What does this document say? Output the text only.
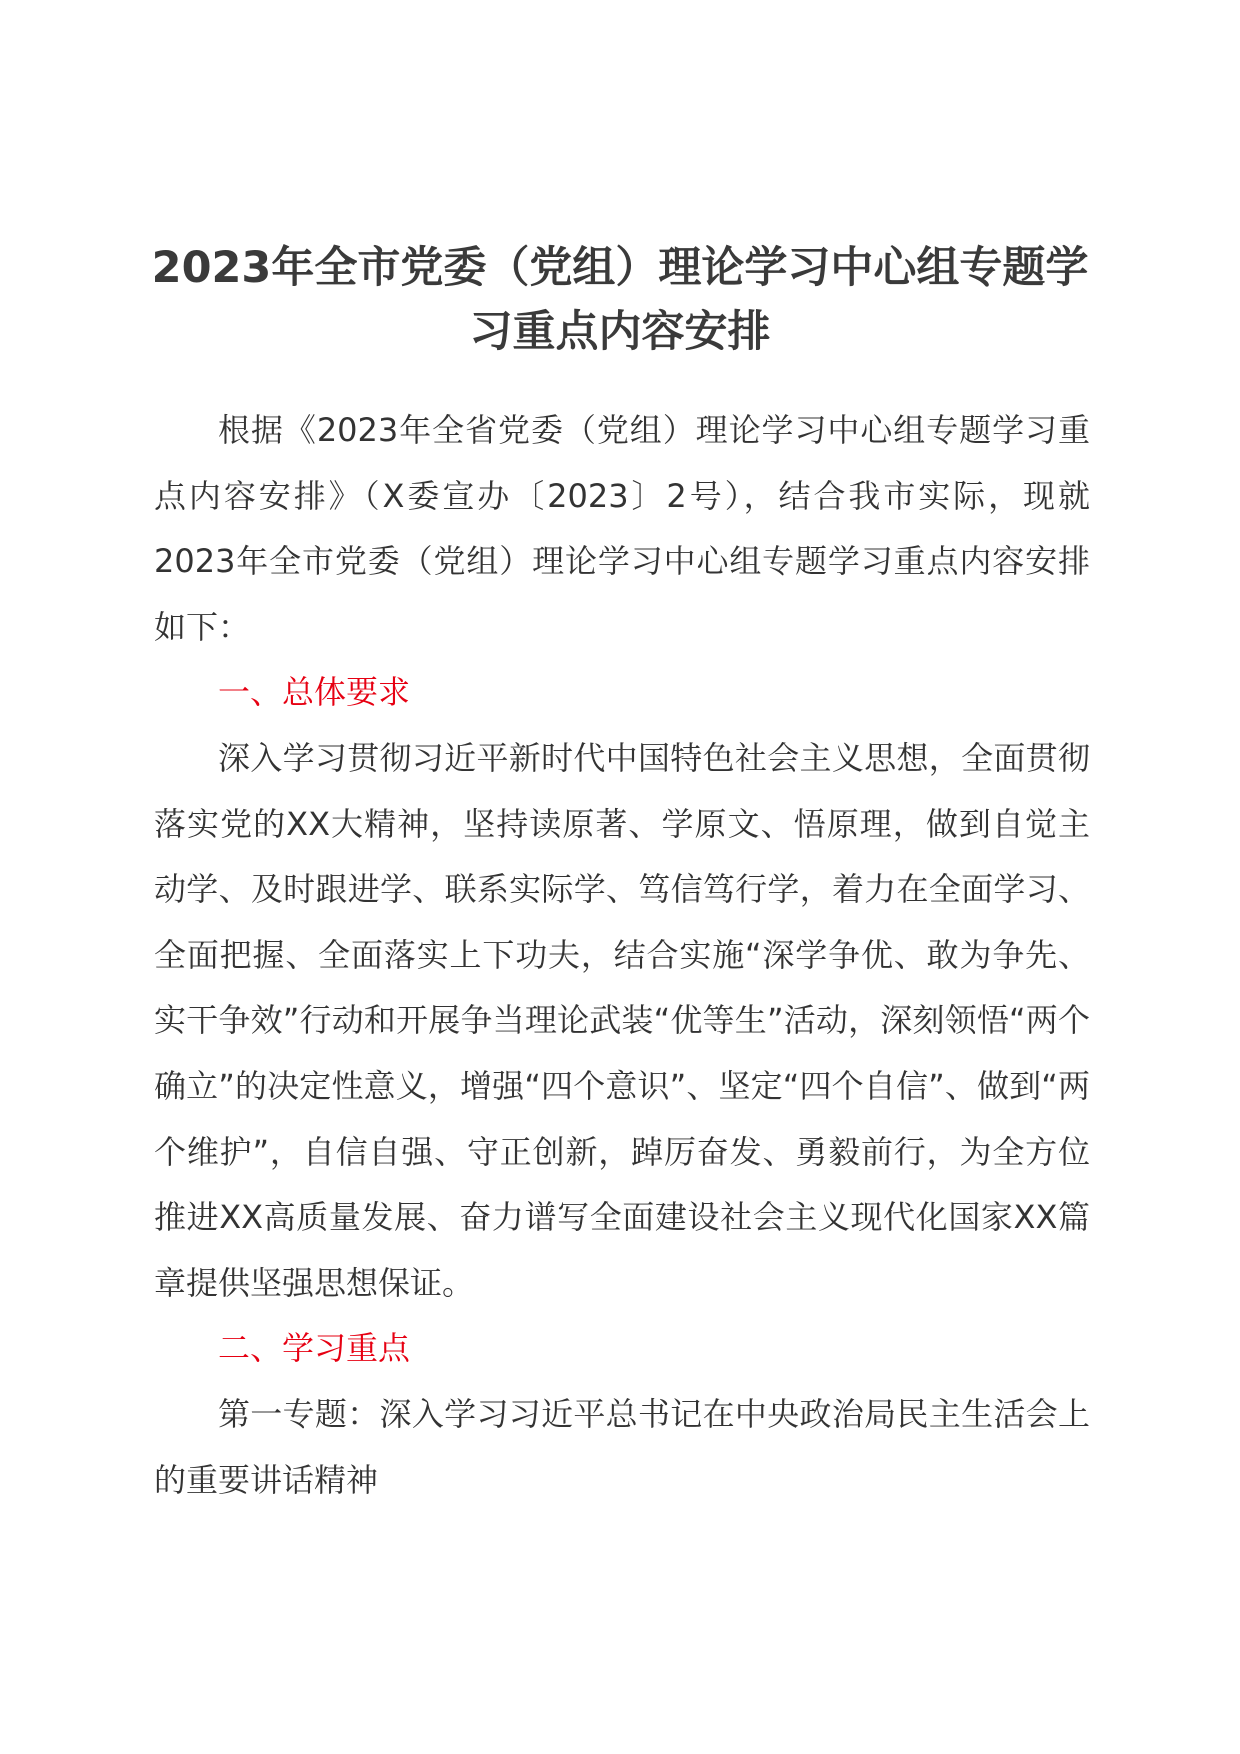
2023年全市党委（党组）理论学习中心组专题学习重点内容安排

根据《2023年全省党委（党组）理论学习中心组专题学习重点内容安排》（X委宣办〔2023〕2号），结合我市实际，现就2023年全市党委（党组）理论学习中心组专题学习重点内容安排如下：

一、总体要求

深入学习贯彻习近平新时代中国特色社会主义思想，全面贯彻落实党的XX大精神，坚持读原著、学原文、悟原理，做到自觉主动学、及时跟进学、联系实际学、笃信笃行学，着力在全面学习、全面把握、全面落实上下功夫，结合实施“深学争优、敢为争先、实干争效”行动和开展争当理论武装“优等生”活动，深刻领悟“两个确立”的决定性意义，增强“四个意识”、坚定“四个自信”、做到“两个维护”，自信自强、守正创新，踔厉奋发、勇毅前行，为全方位推进XX高质量发展、奋力谱写全面建设社会主义现代化国家XX篇章提供坚强思想保证。

二、学习重点

第一专题：深入学习习近平总书记在中央政治局民主生活会上的重要讲话精神
